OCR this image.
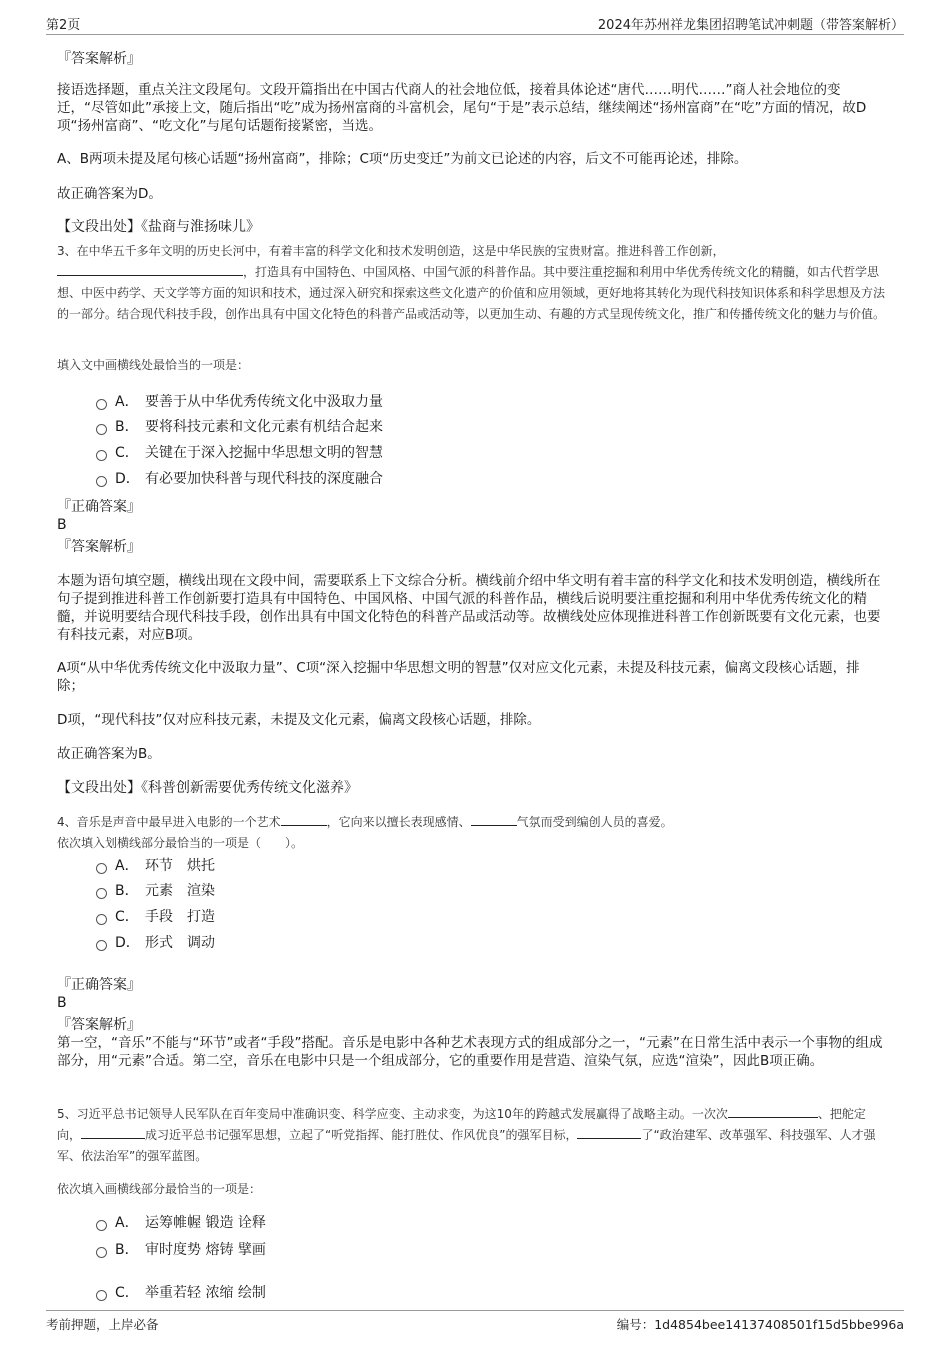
第2页	2024年苏州祥龙集团招聘笔试冲刺题（带答案解析）
『答案解析』
接语选择题，重点关注文段尾句。文段开篇指出在中国古代商人的社会地位低，接着具体论述“唐代……明代……”商人社会地位的变迁，“尽管如此”承接上文，随后指出“吃”成为扬州富商的斗富机会，尾句“于是”表示总结，继续阐述“扬州富商”在“吃”方面的情况，故D项“扬州富商”、“吃文化”与尾句话题衔接紧密，当选。
A、B两项未提及尾句核心话题“扬州富商”，排除；C项“历史变迁”为前文已论述的内容，后文不可能再论述，排除。
故正确答案为D。
【文段出处】《盐商与淮扬味儿》
3、在中华五千多年文明的历史长河中，有着丰富的科学文化和技术发明创造，这是中华民族的宝贵财富。推进科普工作创新，
，打造具有中国特色、中国风格、中国气派的科普作品。其中要注重挖掘和利用中华优秀传统文化的精髓，如古代哲学思想、中医中药学、天文学等方面的知识和技术，通过深入研究和探索这些文化遗产的价值和应用领域，更好地将其转化为现代科技知识体系和科学思想及方法的一部分。结合现代科技手段，创作出具有中国文化特色的科普产品或活动等，以更加生动、有趣的方式呈现传统文化，推广和传播传统文化的魅力与价值。
填入文中画横线处最恰当的一项是：
A． 要善于从中华优秀传统文化中汲取力量
B． 要将科技元素和文化元素有机结合起来
C． 关键在于深入挖掘中华思想文明的智慧
D． 有必要加快科普与现代科技的深度融合
『正确答案』
B
『答案解析』
本题为语句填空题，横线出现在文段中间，需要联系上下文综合分析。横线前介绍中华文明有着丰富的科学文化和技术发明创造，横线所在句子提到推进科普工作创新要打造具有中国特色、中国风格、中国气派的科普作品，横线后说明要注重挖掘和利用中华优秀传统文化的精髓，并说明要结合现代科技手段，创作出具有中国文化特色的科普产品或活动等。故横线处应体现推进科普工作创新既要有文化元素，也要有科技元素，对应B项。
A项“从中华优秀传统文化中汲取力量”、C项“深入挖掘中华思想文明的智慧”仅对应文化元素，未提及科技元素，偏离文段核心话题，排除；
D项，“现代科技”仅对应科技元素，未提及文化元素，偏离文段核心话题，排除。
故正确答案为B。
【文段出处】《科普创新需要优秀传统文化滋养》
4、音乐是声音中最早进入电影的一个艺术	，它向来以擅长表现感情、	气氛而受到编创人员的喜爱。
依次填入划横线部分最恰当的一项是（　　）。
A． 环节　烘托
B． 元素　渲染
C． 手段　打造
D． 形式　调动
『正确答案』
B
『答案解析』
第一空，“音乐”不能与“环节”或者“手段”搭配。音乐是电影中各种艺术表现方式的组成部分之一，“元素”在日常生活中表示一个事物的组成部分，用“元素”合适。第二空，音乐在电影中只是一个组成部分，它的重要作用是营造、渲染气氛，应选“渲染”，因此B项正确。
5、习近平总书记领导人民军队在百年变局中准确识变、科学应变、主动求变，为这10年的跨越式发展赢得了战略主动。一次次	、把舵定向，	成习近平总书记强军思想，立起了“听党指挥、能打胜仗、作风优良”的强军目标，	了“政治建军、改革强军、科技强军、人才强军、依法治军”的强军蓝图。
依次填入画横线部分最恰当的一项是：
A． 运筹帷幄 锻造 诠释
B． 审时度势 熔铸 擘画
C． 举重若轻 浓缩 绘制
考前押题，上岸必备	编号：1d4854bee14137408501f15d5bbe996a
